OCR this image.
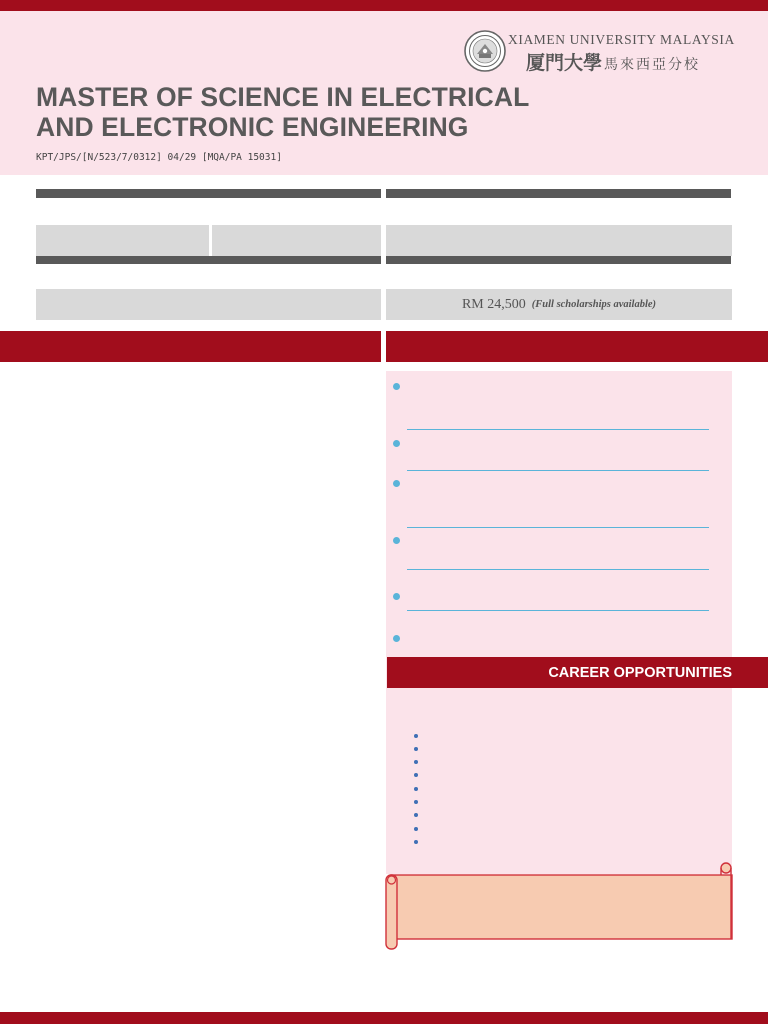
XIAMEN UNIVERSITY MALAYSIA
厦門大學 馬來西亞分校
MASTER OF SCIENCE IN ELECTRICAL
AND ELECTRONIC ENGINEERING
KPT/JPS/[N/523/7/0312] 04/29 [MQA/PA 15031]
RM 24,500 (Full scholarships available)
CAREER OPPORTUNITIES
